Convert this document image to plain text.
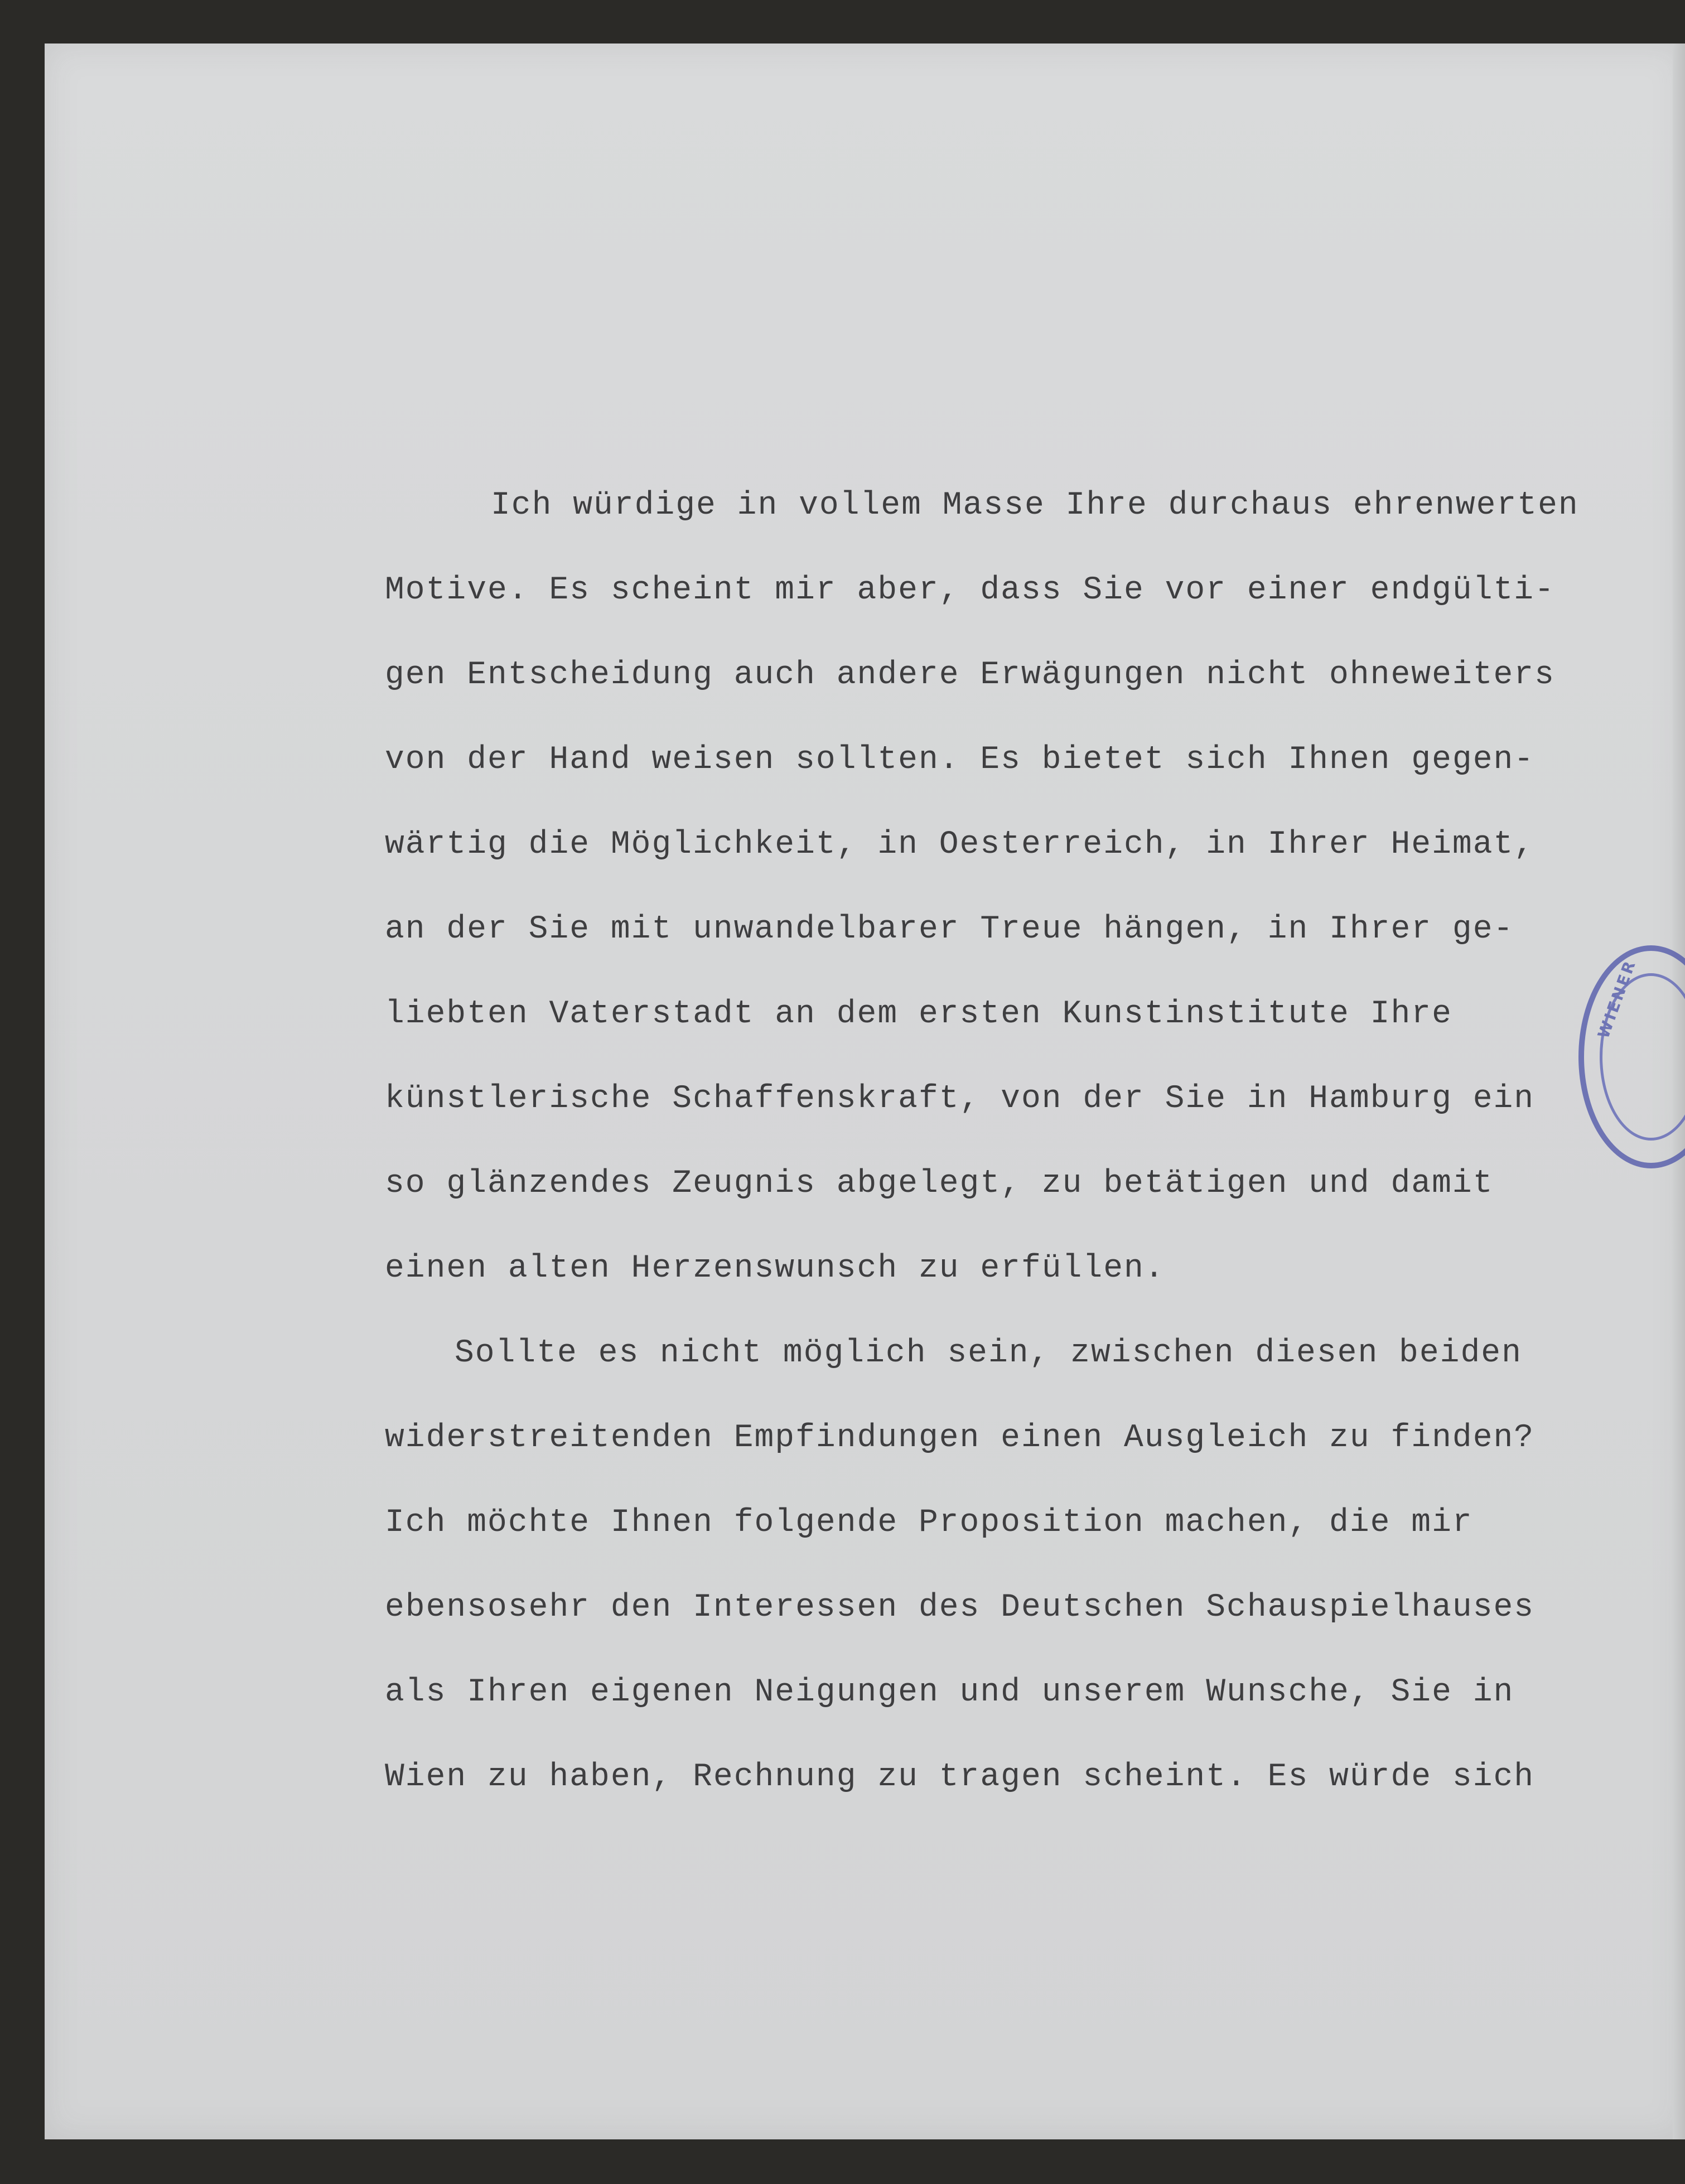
Ich würdige in vollem Masse Ihre durchaus ehrenwerten
Motive. Es scheint mir aber, dass Sie vor einer endgülti-
gen Entscheidung auch andere Erwägungen nicht ohneweiters
von der Hand weisen sollten. Es bietet sich Ihnen gegen-
wärtig die Möglichkeit, in Oesterreich, in Ihrer Heimat,
an der Sie mit unwandelbarer Treue hängen, in Ihrer ge-
liebten Vaterstadt an dem ersten Kunstinstitute Ihre
künstlerische Schaffenskraft, von der Sie in Hamburg ein
so glänzendes Zeugnis abgelegt, zu betätigen und damit
einen alten Herzenswunsch zu erfüllen.
Sollte es nicht möglich sein, zwischen diesen beiden
widerstreitenden Empfindungen einen Ausgleich zu finden?
Ich möchte Ihnen folgende Proposition machen, die mir
ebensosehr den Interessen des Deutschen Schauspielhauses
als Ihren eigenen Neigungen und unserem Wunsche, Sie in
Wien zu haben, Rechnung zu tragen scheint. Es würde sich
WIENER
